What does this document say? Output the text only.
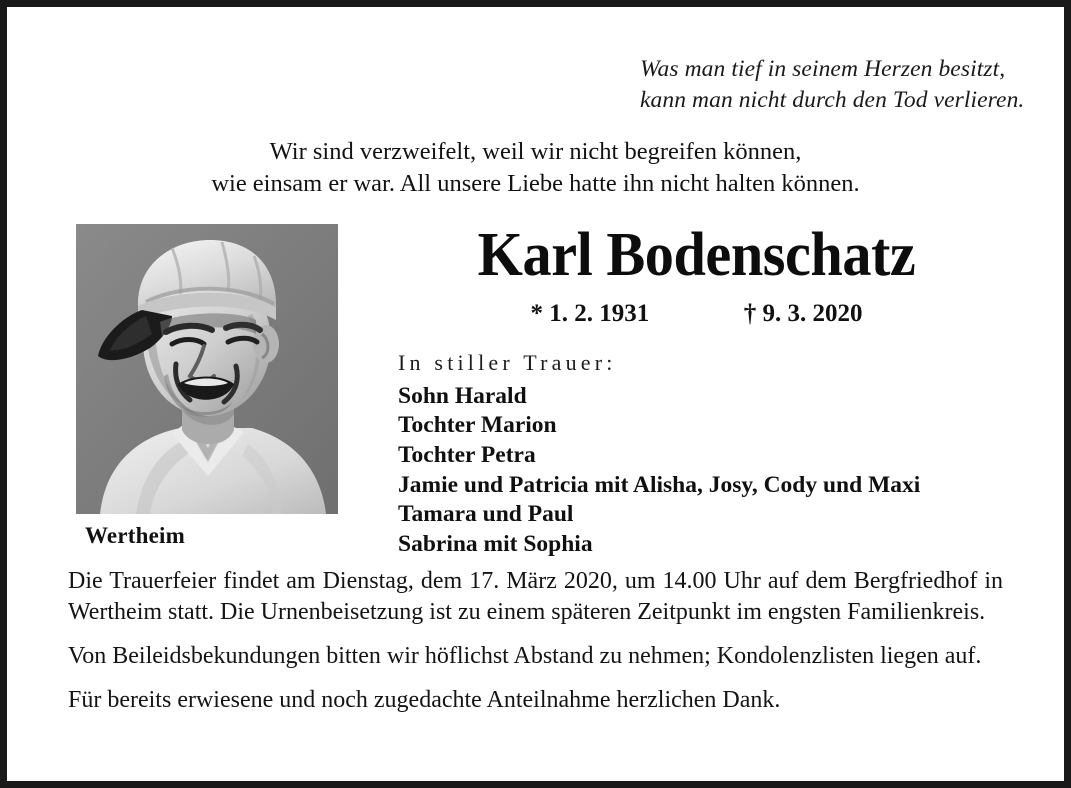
Was man tief in seinem Herzen besitzt,
kann man nicht durch den Tod verlieren.
Wir sind verzweifelt, weil wir nicht begreifen können,
wie einsam er war. All unsere Liebe hatte ihn nicht halten können.

Wertheim

Karl Bodenschatz

* 1. 2. 1931	† 9. 3. 2020

In stiller Trauer:

Sohn Harald
Tochter Marion
Tochter Petra
Jamie und Patricia mit Alisha, Josy, Cody und Maxi
Tamara und Paul
Sabrina mit Sophia

Die Trauerfeier findet am Dienstag, dem 17. März 2020, um 14.00 Uhr auf dem Bergfriedhof in Wertheim statt. Die Urnenbeisetzung ist zu einem späteren Zeitpunkt im engsten Familienkreis.

Von Beileidsbekundungen bitten wir höflichst Abstand zu nehmen; Kondolenzlisten liegen auf.

Für bereits erwiesene und noch zugedachte Anteilnahme herzlichen Dank.
